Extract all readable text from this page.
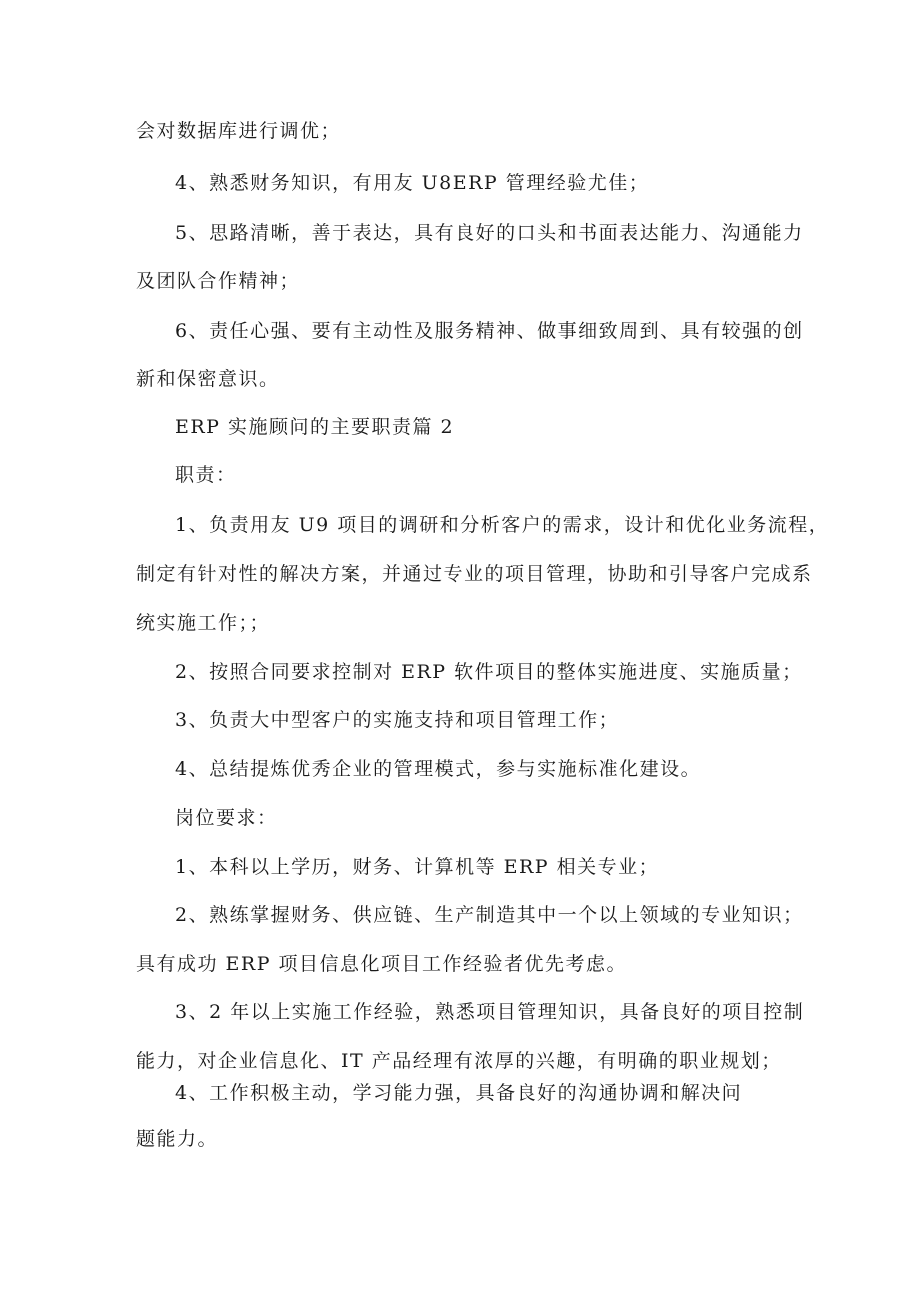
会对数据库进行调优；
4、熟悉财务知识，有用友 U8ERP 管理经验尤佳；
5、思路清晰，善于表达，具有良好的口头和书面表达能力、沟通能力
及团队合作精神；
6、责任心强、要有主动性及服务精神、做事细致周到、具有较强的创
新和保密意识。
ERP 实施顾问的主要职责篇 2
职责：
1、负责用友 U9 项目的调研和分析客户的需求，设计和优化业务流程，
制定有针对性的解决方案，并通过专业的项目管理，协助和引导客户完成系
统实施工作；；
2、按照合同要求控制对 ERP 软件项目的整体实施进度、实施质量；
3、负责大中型客户的实施支持和项目管理工作；
4、总结提炼优秀企业的管理模式，参与实施标准化建设。
岗位要求：
1、本科以上学历，财务、计算机等 ERP 相关专业；
2、熟练掌握财务、供应链、生产制造其中一个以上领域的专业知识；
具有成功 ERP 项目信息化项目工作经验者优先考虑。
3、2 年以上实施工作经验，熟悉项目管理知识，具备良好的项目控制
能力，对企业信息化、IT 产品经理有浓厚的兴趣，有明确的职业规划；
4、工作积极主动，学习能力强，具备良好的沟通协调和解决问
题能力。
